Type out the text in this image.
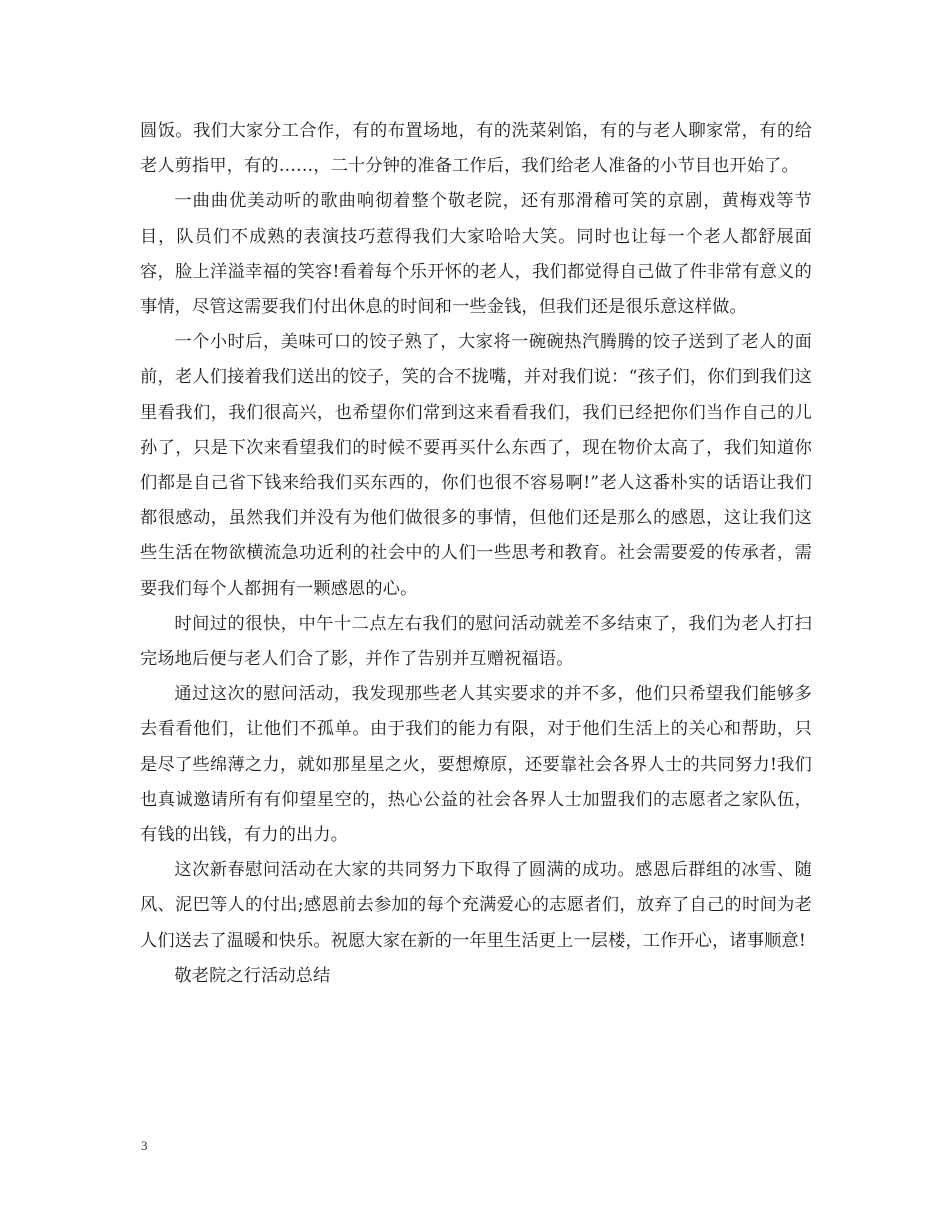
圆饭。我们大家分工合作，有的布置场地，有的洗菜剁馅，有的与老人聊家常，有的给老人剪指甲，有的……，二十分钟的准备工作后，我们给老人准备的小节目也开始了。

一曲曲优美动听的歌曲响彻着整个敬老院，还有那滑稽可笑的京剧，黄梅戏等节目，队员们不成熟的表演技巧惹得我们大家哈哈大笑。同时也让每一个老人都舒展面容，脸上洋溢幸福的笑容!看着每个乐开怀的老人，我们都觉得自己做了件非常有意义的事情，尽管这需要我们付出休息的时间和一些金钱，但我们还是很乐意这样做。

一个小时后，美味可口的饺子熟了，大家将一碗碗热汽腾腾的饺子送到了老人的面前，老人们接着我们送出的饺子，笑的合不拢嘴，并对我们说：“孩子们，你们到我们这里看我们，我们很高兴，也希望你们常到这来看看我们，我们已经把你们当作自己的儿孙了，只是下次来看望我们的时候不要再买什么东西了，现在物价太高了，我们知道你们都是自己省下钱来给我们买东西的，你们也很不容易啊!”老人这番朴实的话语让我们都很感动，虽然我们并没有为他们做很多的事情，但他们还是那么的感恩，这让我们这些生活在物欲横流急功近利的社会中的人们一些思考和教育。社会需要爱的传承者，需要我们每个人都拥有一颗感恩的心。

时间过的很快，中午十二点左右我们的慰问活动就差不多结束了，我们为老人打扫完场地后便与老人们合了影，并作了告别并互赠祝福语。

通过这次的慰问活动，我发现那些老人其实要求的并不多，他们只希望我们能够多去看看他们，让他们不孤单。由于我们的能力有限，对于他们生活上的关心和帮助，只是尽了些绵薄之力，就如那星星之火，要想燎原，还要靠社会各界人士的共同努力!我们也真诚邀请所有有仰望星空的，热心公益的社会各界人士加盟我们的志愿者之家队伍，有钱的出钱，有力的出力。

这次新春慰问活动在大家的共同努力下取得了圆满的成功。感恩后群组的冰雪、随风、泥巴等人的付出;感恩前去参加的每个充满爱心的志愿者们，放弃了自己的时间为老人们送去了温暖和快乐。祝愿大家在新的一年里生活更上一层楼，工作开心，诸事顺意!

敬老院之行活动总结

3
